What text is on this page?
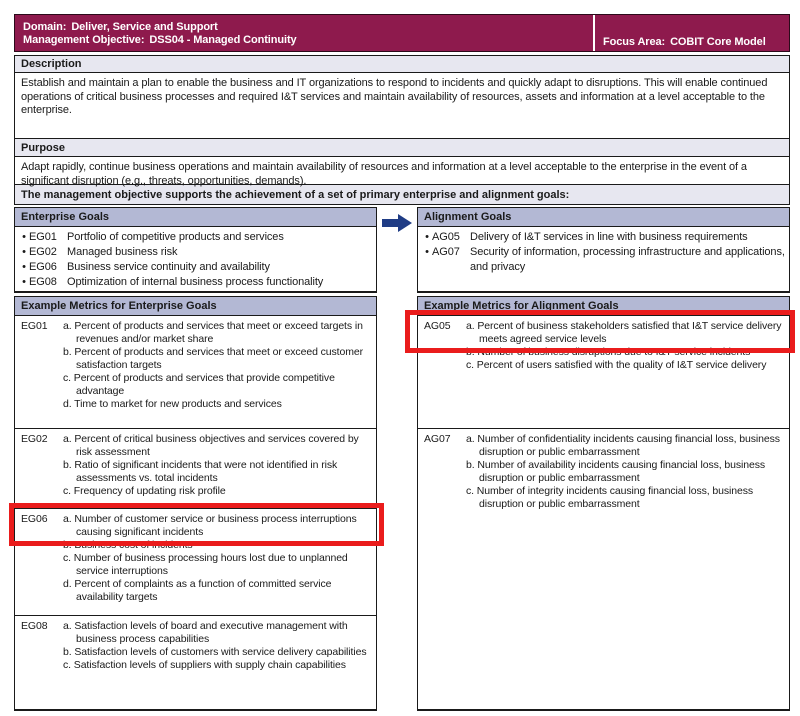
Domain: Deliver, Service and Support
Management Objective: DSS04 - Managed Continuity	Focus Area: COBIT Core Model
Description
Establish and maintain a plan to enable the business and IT organizations to respond to incidents and quickly adapt to disruptions. This will enable continued operations of critical business processes and required I&T services and maintain availability of resources, assets and information at a level acceptable to the enterprise.
Purpose
Adapt rapidly, continue business operations and maintain availability of resources and information at a level acceptable to the enterprise in the event of a significant disruption (e.g., threats, opportunities, demands).
The management objective supports the achievement of a set of primary enterprise and alignment goals:
Enterprise Goals
•
EG01 Portfolio of competitive products and services
•
EG02 Managed business risk
•
EG06 Business service continuity and availability
•
EG08 Optimization of internal business process functionality
Example Metrics for Enterprise Goals
EG01	a. Percent of products and services that meet or exceed targets in revenues and/or market share
b. Percent of products and services that meet or exceed customer satisfaction targets
c. Percent of products and services that provide competitive advantage
d. Time to market for new products and services
EG02	a. Percent of critical business objectives and services covered by risk assessment
b. Ratio of significant incidents that were not identified in risk assessments vs. total incidents
c. Frequency of updating risk profile
EG06	a. Number of customer service or business process interruptions causing significant incidents
b. Business cost of incidents
c. Number of business processing hours lost due to unplanned service interruptions
d. Percent of complaints as a function of committed service availability targets
EG08	a. Satisfaction levels of board and executive management with business process capabilities
b. Satisfaction levels of customers with service delivery capabilities
c. Satisfaction levels of suppliers with supply chain capabilities
Alignment Goals
•
AG05 Delivery of I&T services in line with business requirements
•
AG07 Security of information, processing infrastructure and applications, and privacy
Example Metrics for Alignment Goals
AG05	a. Percent of business stakeholders satisfied that I&T service delivery meets agreed service levels
b. Number of business disruptions due to I&T service incidents
c. Percent of users satisfied with the quality of I&T service delivery
AG07	a. Number of confidentiality incidents causing financial loss, business disruption or public embarrassment
b. Number of availability incidents causing financial loss, business disruption or public embarrassment
c. Number of integrity incidents causing financial loss, business disruption or public embarrassment
